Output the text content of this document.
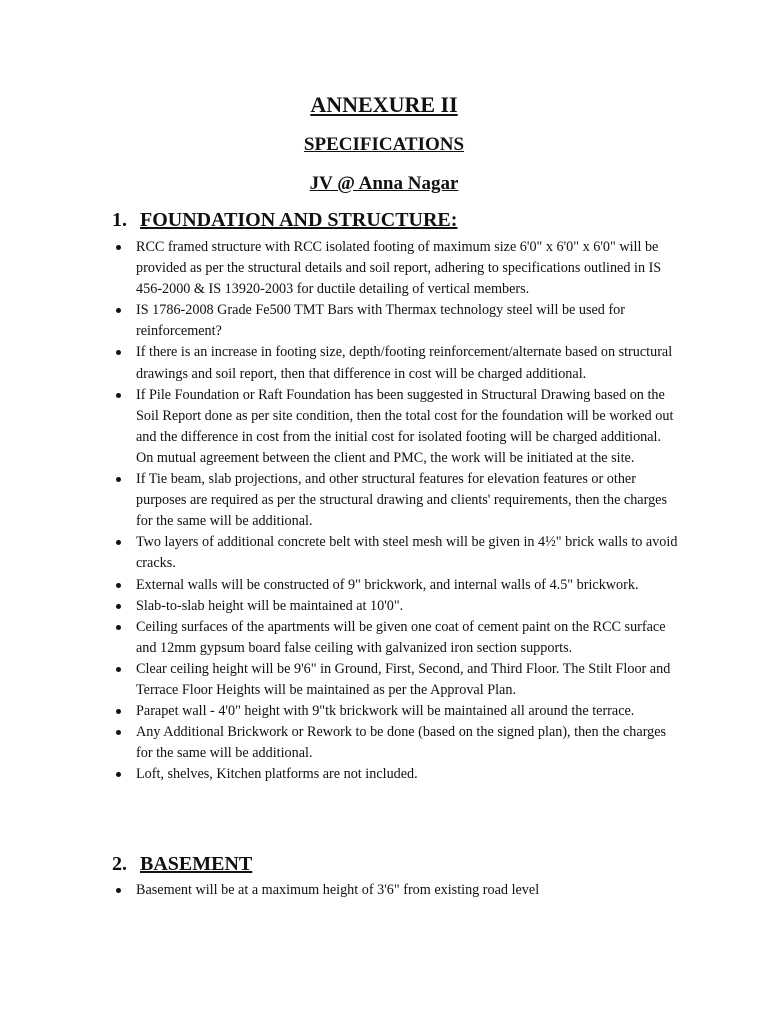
ANNEXURE II
SPECIFICATIONS
JV @ Anna Nagar
1. FOUNDATION AND STRUCTURE:
RCC framed structure with RCC isolated footing of maximum size 6'0" x 6'0" x 6'0" will be provided as per the structural details and soil report, adhering to specifications outlined in IS 456-2000 & IS 13920-2003 for ductile detailing of vertical members.
IS 1786-2008 Grade Fe500 TMT Bars with Thermax technology steel will be used for reinforcement?
If there is an increase in footing size, depth/footing reinforcement/alternate based on structural drawings and soil report, then that difference in cost will be charged additional.
If Pile Foundation or Raft Foundation has been suggested in Structural Drawing based on the Soil Report done as per site condition, then the total cost for the foundation will be worked out and the difference in cost from the initial cost for isolated footing will be charged additional. On mutual agreement between the client and PMC, the work will be initiated at the site.
If Tie beam, slab projections, and other structural features for elevation features or other purposes are required as per the structural drawing and clients' requirements, then the charges for the same will be additional.
Two layers of additional concrete belt with steel mesh will be given in 4½" brick walls to avoid cracks.
External walls will be constructed of 9" brickwork, and internal walls of 4.5" brickwork.
Slab-to-slab height will be maintained at 10'0".
Ceiling surfaces of the apartments will be given one coat of cement paint on the RCC surface and 12mm gypsum board false ceiling with galvanized iron section supports.
Clear ceiling height will be 9'6" in Ground, First, Second, and Third Floor. The Stilt Floor and Terrace Floor Heights will be maintained as per the Approval Plan.
Parapet wall - 4'0" height with 9"tk brickwork will be maintained all around the terrace.
Any Additional Brickwork or Rework to be done (based on the signed plan), then the charges for the same will be additional.
Loft, shelves, Kitchen platforms are not included.
2. BASEMENT
Basement will be at a maximum height of 3'6" from existing road level
